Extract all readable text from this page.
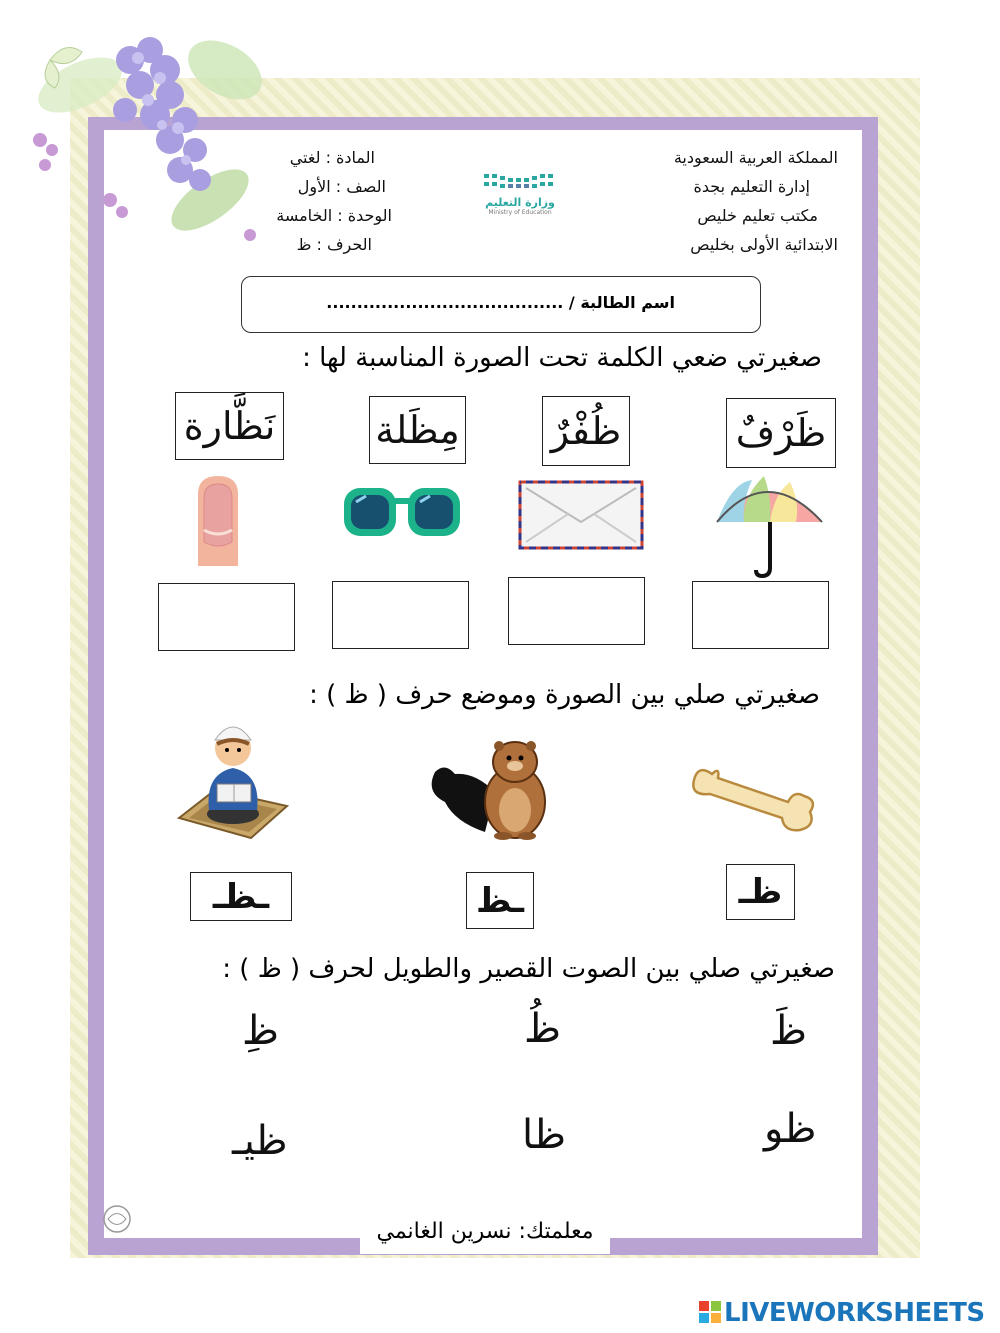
المملكة العربية السعودية
إدارة التعليم بجدة
مكتب تعليم خليص
الابتدائية الأولى بخليص
وزارة التعليم
Ministry of Education
المادة : لغتي
الصف : الأول
الوحدة : الخامسة
الحرف : ظ
اسم الطالبة / .......................................
صغيرتي ضعي الكلمة تحت الصورة المناسبة لها :
ظَرْفٌ
ظُفْرٌ
مِظَلة
نَظَّارة
صغيرتي صلي بين الصورة وموضع حرف ( ظ ) :
ظـ
ـظ
ـظـ
صغيرتي صلي بين الصوت القصير والطويل لحرف ( ظ ) :
ظَ
ظُ
ظِ
ظو
ظا
ظيـ
معلمتك: نسرين الغانمي
LIVEWORKSHEETS
